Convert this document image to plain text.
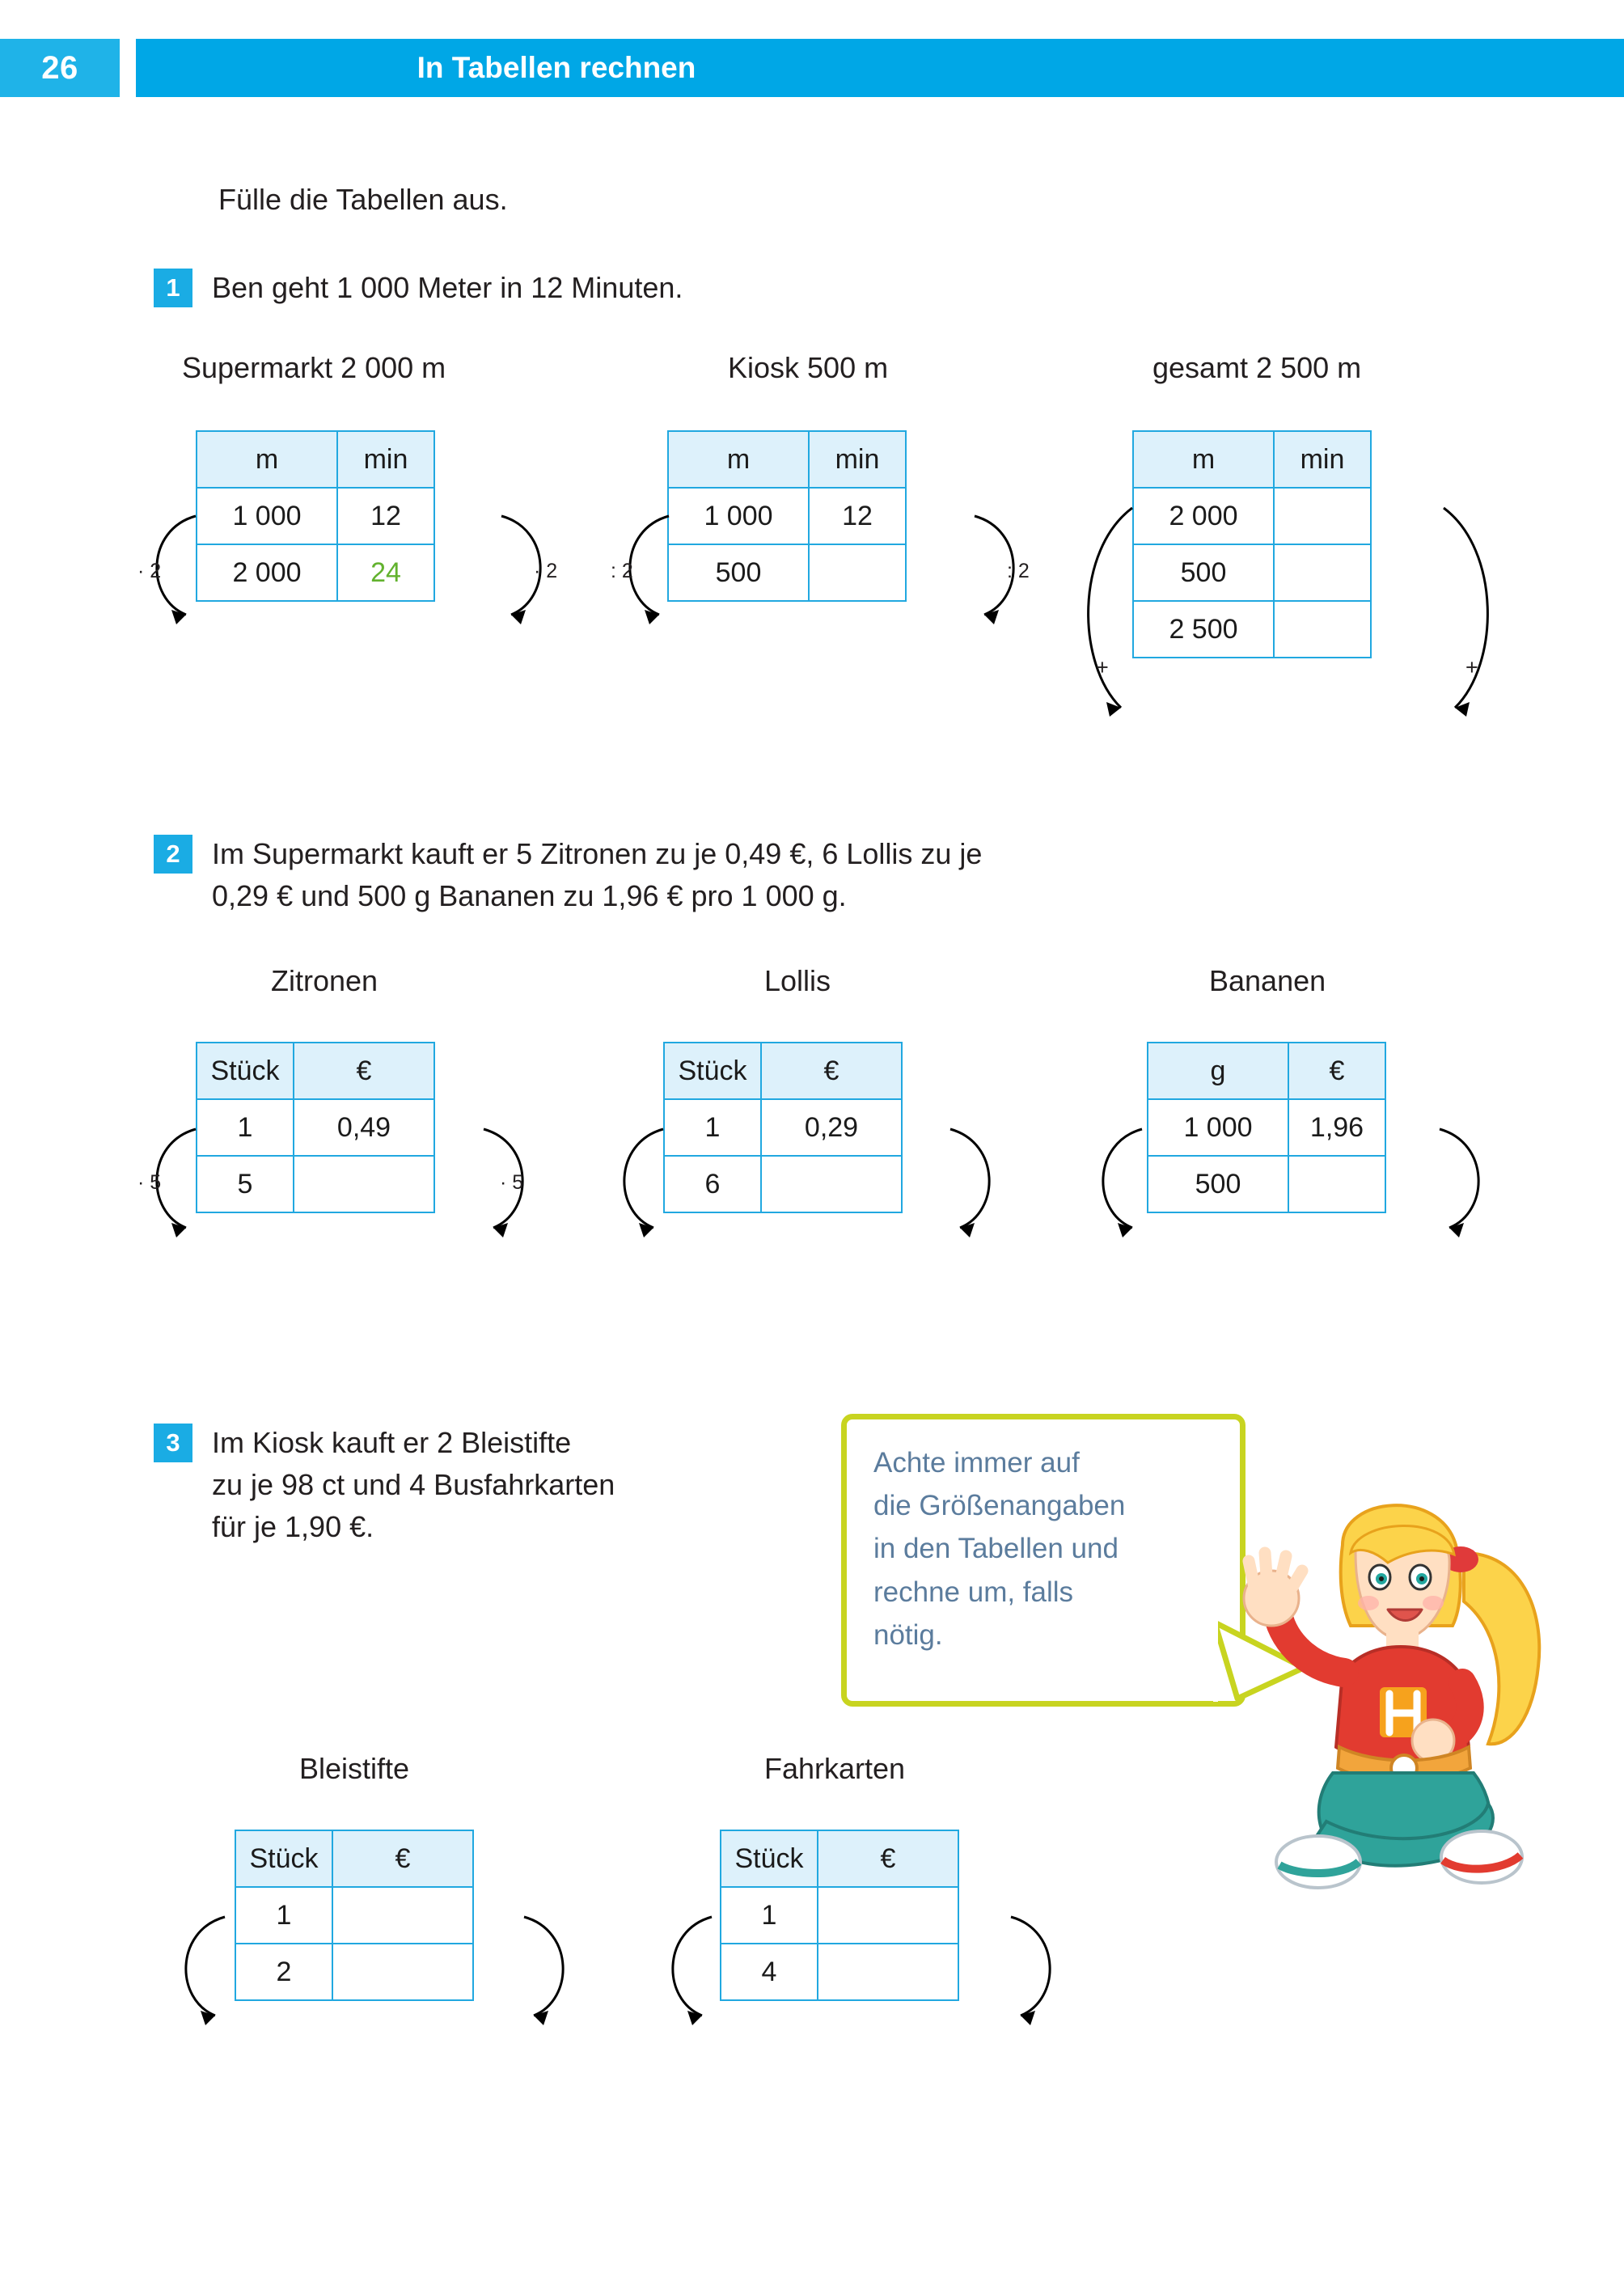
26	In Tabellen rechnen
Fülle die Tabellen aus.
1	Ben geht 1 000 Meter in 12 Minuten.
Supermarkt 2 000 m
m	min
1 000	12
2 000	24
· 2	· 2
Kiosk 500 m
m	min
1 000	12
500	
: 2	: 2
gesamt 2 500 m
m	min
2 000	
500	
2 500	
+	+
2	Im Supermarkt kauft er 5 Zitronen zu je 0,49 €, 6 Lollis zu je
0,29 € und 500 g Bananen zu 1,96 € pro 1 000 g.
Zitronen
Stück	€
1	0,49
5	
· 5	· 5
Lollis
Stück	€
1	0,29
6	
Bananen
g	€
1 000	1,96
500	
3	Im Kiosk kauft er 2 Bleistifte
zu je 98 ct und 4 Busfahrkarten
für je 1,90 €.
Achte immer auf
die Größenangaben
in den Tabellen und
rechne um, falls
nötig.
Bleistifte
Stück	€
1	
2	
Fahrkarten
Stück	€
1	
4	
